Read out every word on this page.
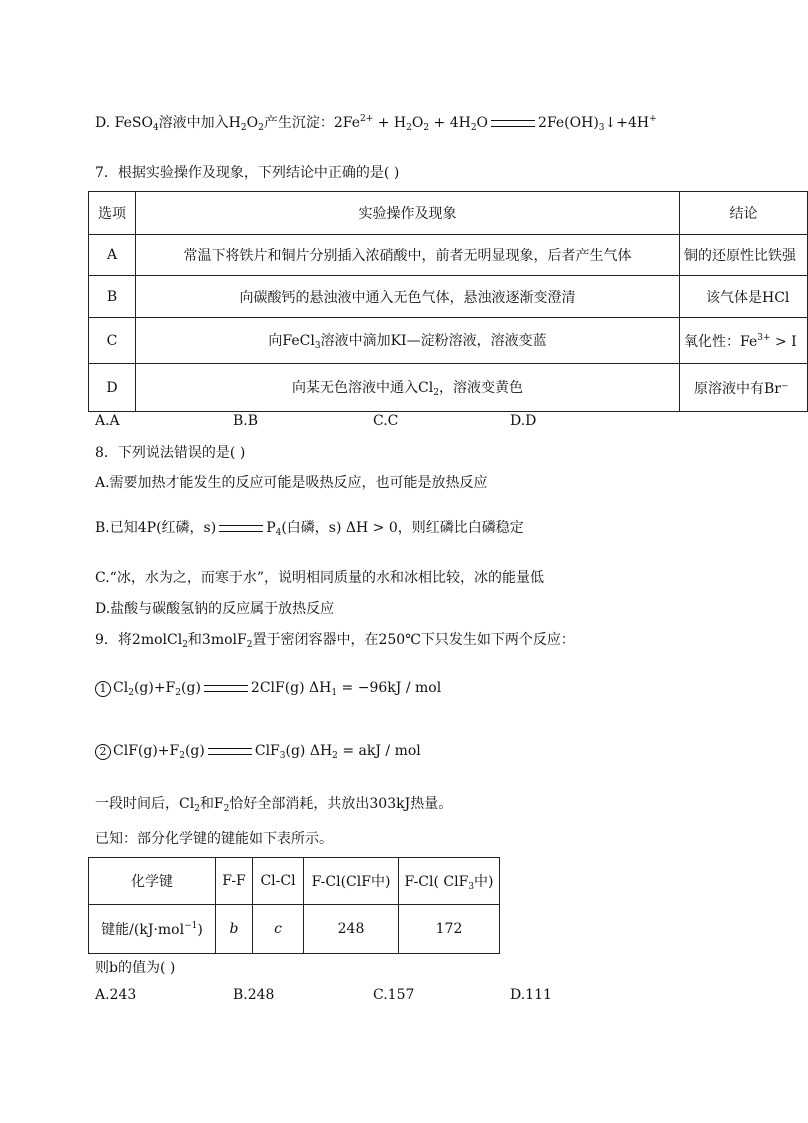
D. FeSO$_4$溶液中加入$H_2O_2$产生沉淀：$2Fe^{2+} + H_2O_2 + 4H_2O$	$2Fe(OH)_3↓+4H^+$
7．根据实验操作及现象，下列结论中正确的是( )
选项	实验操作及现象	结论
A	常温下将铁片和铜片分别插入浓硝酸中，前者无明显现象，后者产生气体	铜的还原性比铁强
B	向碳酸钙的悬浊液中通入无色气体，悬浊液逐渐变澄清	该气体是HCl
C	向FeCl$_3$溶液中滴加KI—淀粉溶液，溶液变蓝	氧化性：$Fe^{3+} > I$
D	向某无色溶液中通入$Cl_2$，溶液变黄色	原溶液中有Br⁻
A.A	B.B	C.C	D.D
8．下列说法错误的是( )
A.需要加热才能发生的反应可能是吸热反应，也可能是放热反应
B.已知4P(红磷，s)	$P_4$(白磷，s) ΔH > 0，则红磷比白磷稳定
C.“冰，水为之，而寒于水”，说明相同质量的水和冰相比较，冰的能量低
D.盐酸与碳酸氢钠的反应属于放热反应
9．将2molCl$_2$和3molF$_2$置于密闭容器中，在250℃下只发生如下两个反应：
1 $Cl_2(g)+F_2(g)$	2ClF(g) $\Delta H_1 = -96kJ$ / mol
2 $ClF(g)+F_2(g)$	ClF$_3$(g) $\Delta H_2$ = akJ / mol
一段时间后，$Cl_2$和$F_2$恰好全部消耗，共放出303kJ热量。
已知：部分化学键的键能如下表所示。
化学键	F-F	Cl-Cl	F-Cl(ClF中)	F-Cl( ClF$_3$中)
键能/(kJ·mol$^{-1}$)	b	c	248	172
则b的值为( )
A.243	B.248	C.157	D.111
